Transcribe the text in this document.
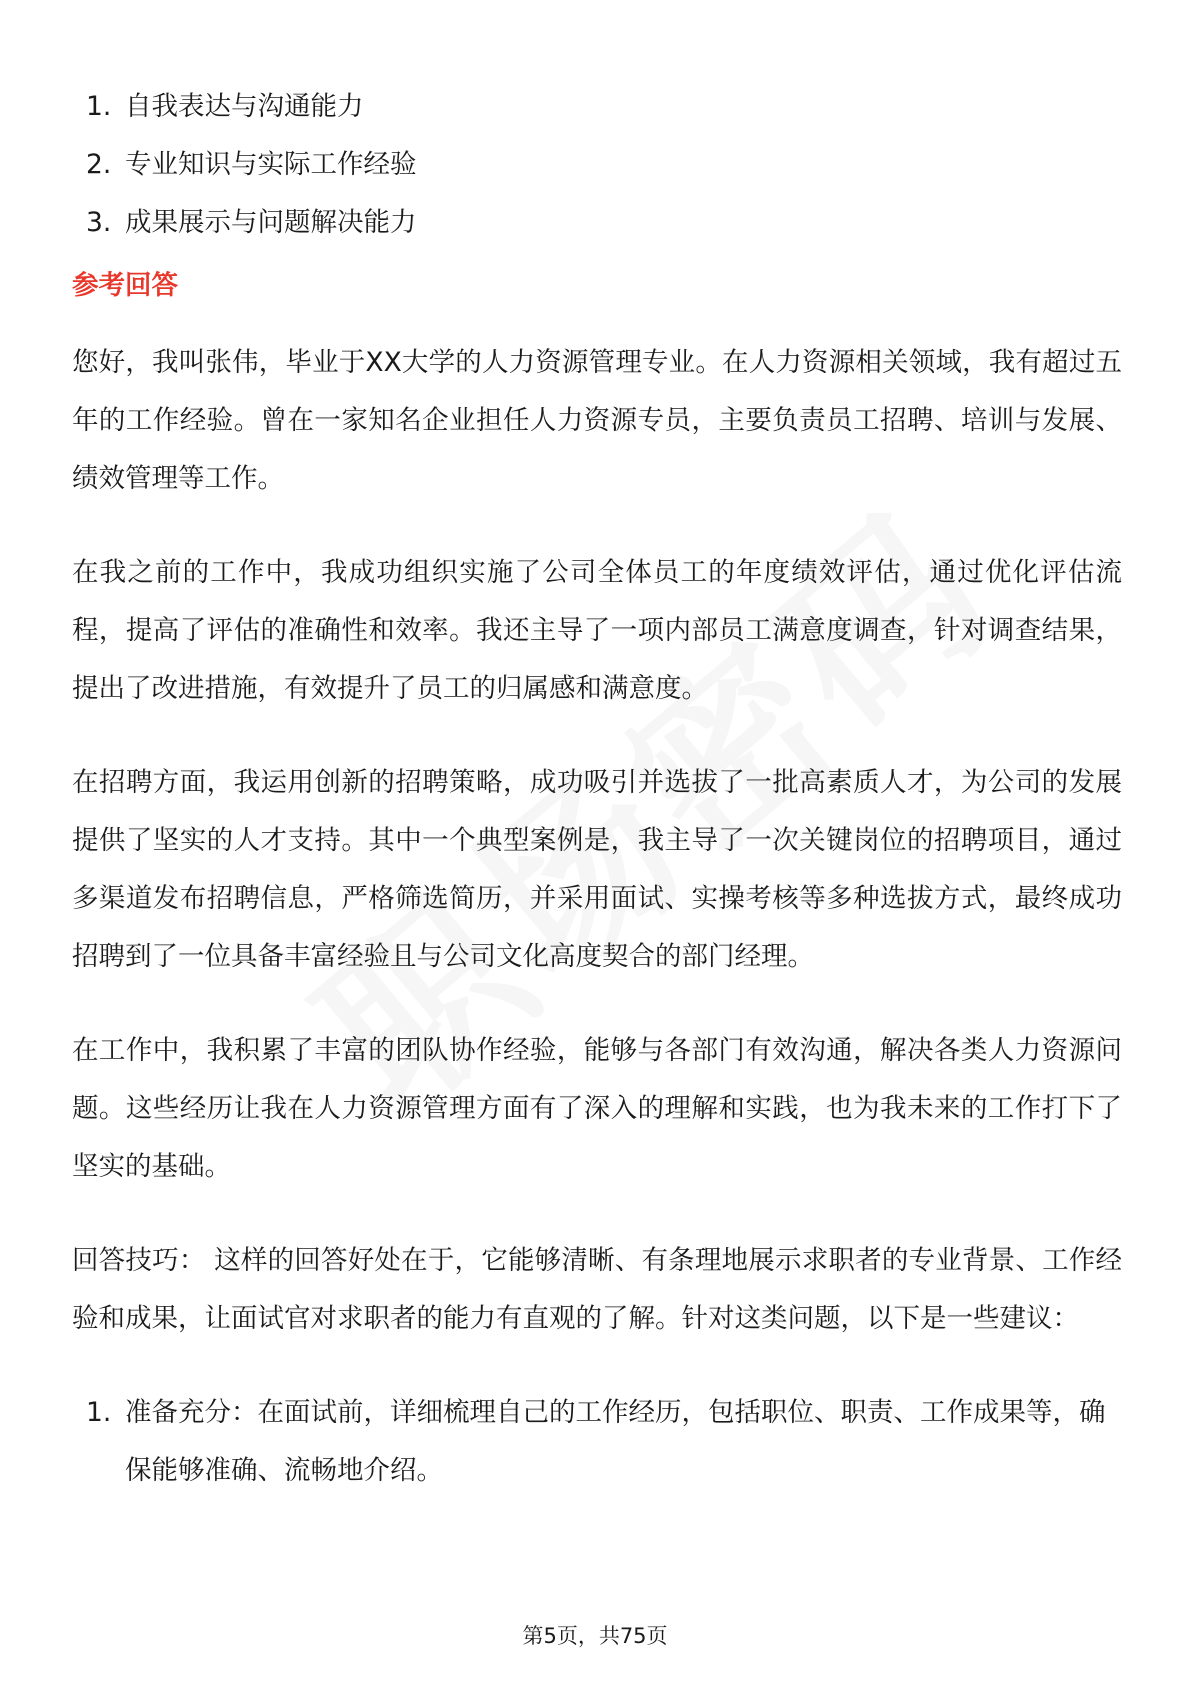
1. 自我表达与沟通能力
2. 专业知识与实际工作经验
3. 成果展示与问题解决能力
参考回答

您好，我叫张伟，毕业于XX大学的人力资源管理专业。在人力资源相关领域，我有超过五年的工作经验。曾在一家知名企业担任人力资源专员，主要负责员工招聘、培训与发展、绩效管理等工作。

在我之前的工作中，我成功组织实施了公司全体员工的年度绩效评估，通过优化评估流程，提高了评估的准确性和效率。我还主导了一项内部员工满意度调查，针对调查结果，提出了改进措施，有效提升了员工的归属感和满意度。

在招聘方面，我运用创新的招聘策略，成功吸引并选拔了一批高素质人才，为公司的发展提供了坚实的人才支持。其中一个典型案例是，我主导了一次关键岗位的招聘项目，通过多渠道发布招聘信息，严格筛选简历，并采用面试、实操考核等多种选拔方式，最终成功招聘到了一位具备丰富经验且与公司文化高度契合的部门经理。

在工作中，我积累了丰富的团队协作经验，能够与各部门有效沟通，解决各类人力资源问题。这些经历让我在人力资源管理方面有了深入的理解和实践，也为我未来的工作打下了坚实的基础。

回答技巧： 这样的回答好处在于，它能够清晰、有条理地展示求职者的专业背景、工作经验和成果，让面试官对求职者的能力有直观的了解。针对这类问题，以下是一些建议：

1. 准备充分：在面试前，详细梳理自己的工作经历，包括职位、职责、工作成果等，确保能够准确、流畅地介绍。
第5页，共75页
